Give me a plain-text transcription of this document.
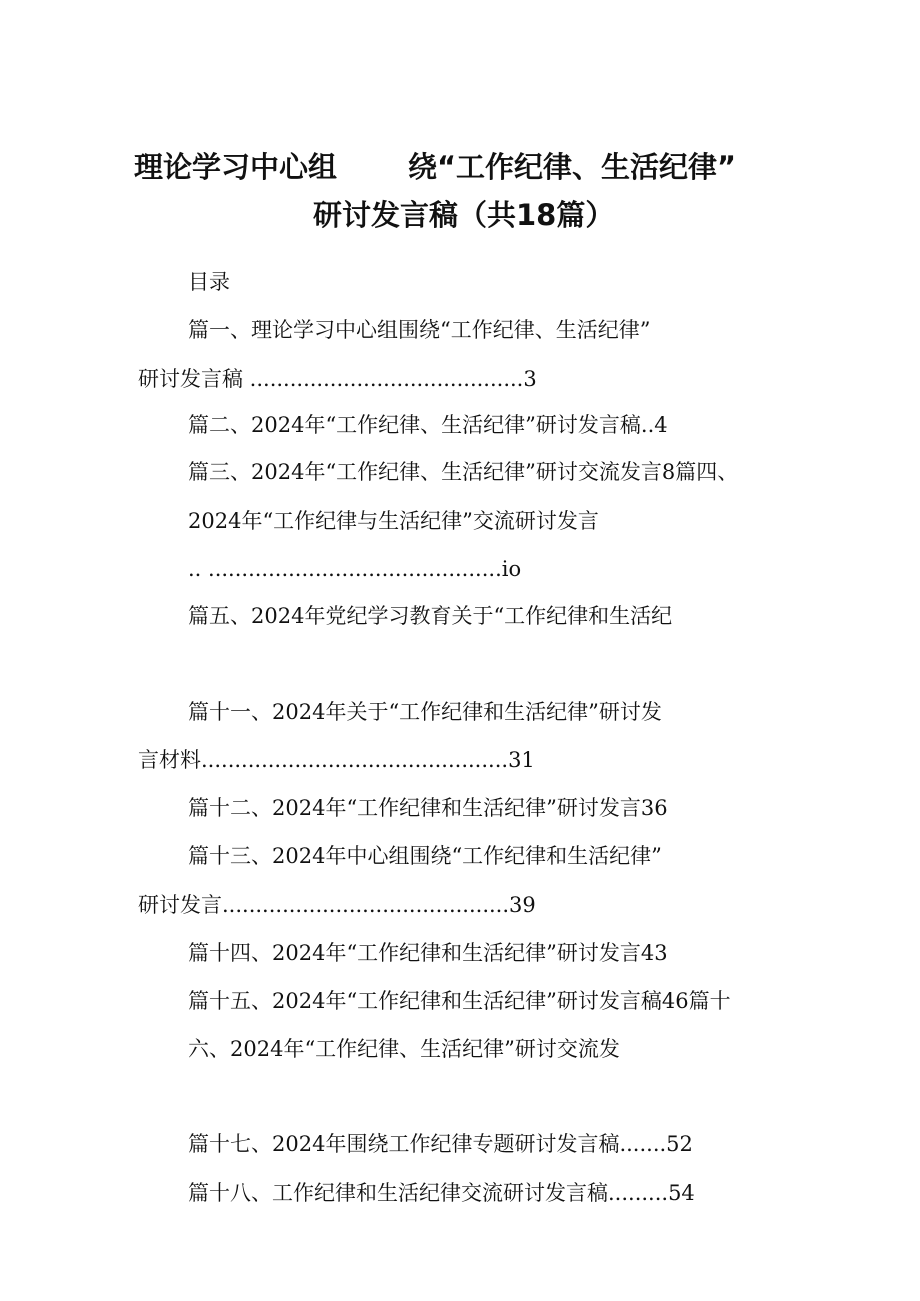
理论学习中心组 绕“工作纪律、生活纪律”
研讨发言稿（共18篇）
目录
篇一、理论学习中心组围绕“工作纪律、生活纪律”
研讨发言稿 .........................................3
篇二、2024年“工作纪律、生活纪律”研讨发言稿..4
篇三、2024年“工作纪律、生活纪律”研讨交流发言8篇四、
2024年“工作纪律与生活纪律”交流研讨发言
.. ............................................io
篇五、2024年党纪学习教育关于“工作纪律和生活纪
篇十一、2024年关于“工作纪律和生活纪律”研讨发
言材料..............................................31
篇十二、2024年“工作纪律和生活纪律”研讨发言36
篇十三、2024年中心组围绕“工作纪律和生活纪律”
研讨发言...........................................39
篇十四、2024年“工作纪律和生活纪律”研讨发言43
篇十五、2024年“工作纪律和生活纪律”研讨发言稿46篇十
六、2024年“工作纪律、生活纪律”研讨交流发
篇十七、2024年围绕工作纪律专题研讨发言稿.......52
篇十八、工作纪律和生活纪律交流研讨发言稿.........54
